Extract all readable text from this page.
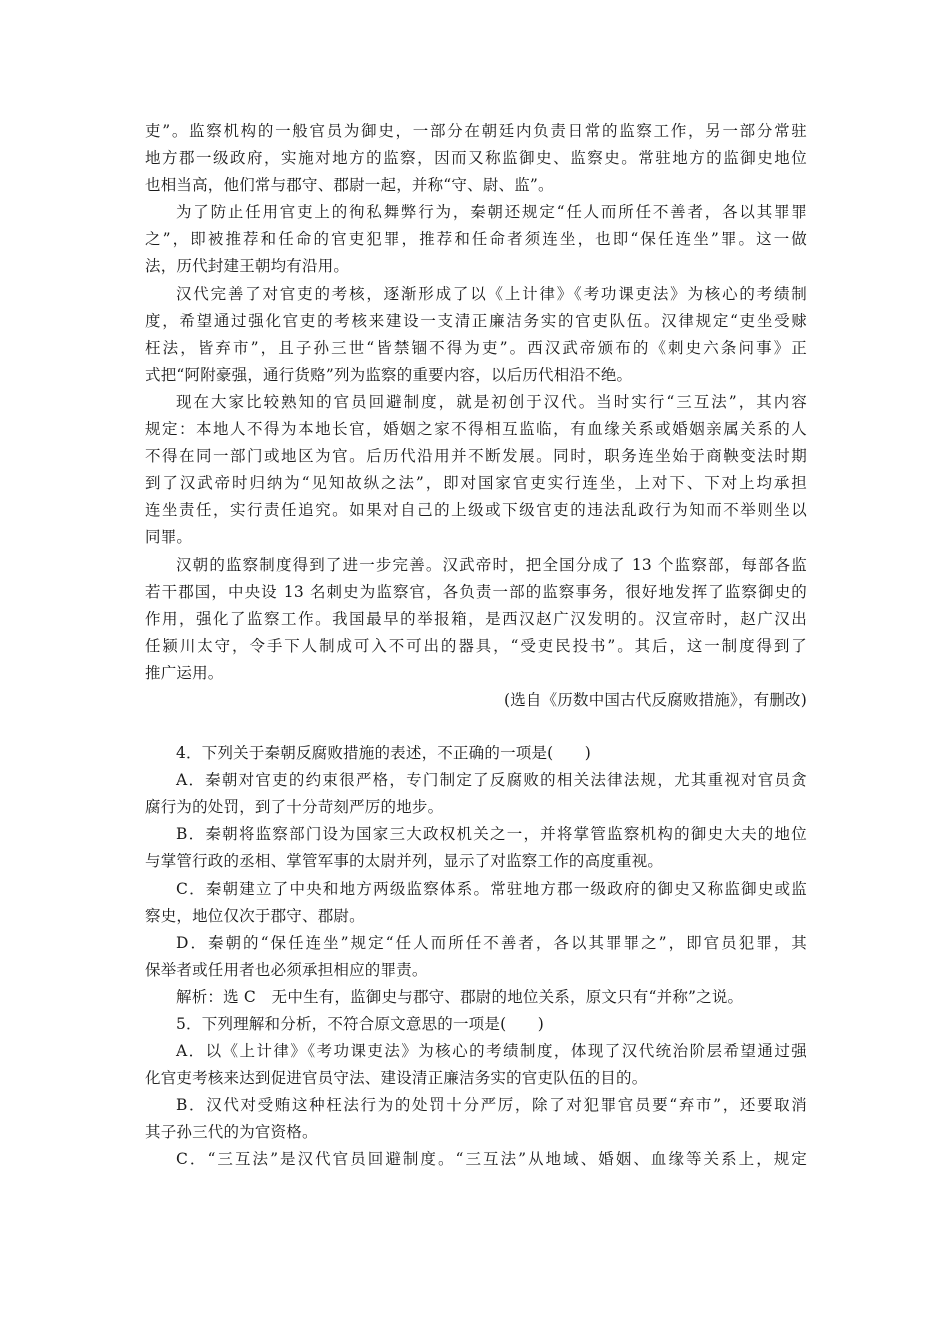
吏”。监察机构的一般官员为御史，一部分在朝廷内负责日常的监察工作，另一部分常驻
地方郡一级政府，实施对地方的监察，因而又称监御史、监察史。常驻地方的监御史地位
也相当高，他们常与郡守、郡尉一起，并称“守、尉、监”。
为了防止任用官吏上的徇私舞弊行为，秦朝还规定“任人而所任不善者，各以其罪罪
之”，即被推荐和任命的官吏犯罪，推荐和任命者须连坐，也即“保任连坐”罪。这一做
法，历代封建王朝均有沿用。
汉代完善了对官吏的考核，逐渐形成了以《上计律》《考功课吏法》为核心的考绩制
度，希望通过强化官吏的考核来建设一支清正廉洁务实的官吏队伍。汉律规定“吏坐受赇
枉法，皆弃市”，且子孙三世“皆禁锢不得为吏”。西汉武帝颁布的《刺史六条问事》正
式把“阿附豪强，通行货赂”列为监察的重要内容，以后历代相沿不绝。
现在大家比较熟知的官员回避制度，就是初创于汉代。当时实行“三互法”，其内容
规定：本地人不得为本地长官，婚姻之家不得相互监临，有血缘关系或婚姻亲属关系的人
不得在同一部门或地区为官。后历代沿用并不断发展。同时，职务连坐始于商鞅变法时期
到了汉武帝时归纳为“见知故纵之法”，即对国家官吏实行连坐，上对下、下对上均承担
连坐责任，实行责任追究。如果对自己的上级或下级官吏的违法乱政行为知而不举则坐以
同罪。
汉朝的监察制度得到了进一步完善。汉武帝时，把全国分成了 13 个监察部，每部各监
若干郡国，中央设 13 名刺史为监察官，各负责一部的监察事务，很好地发挥了监察御史的
作用，强化了监察工作。我国最早的举报箱，是西汉赵广汉发明的。汉宣帝时，赵广汉出
任颍川太守，令手下人制成可入不可出的器具，“受吏民投书”。其后，这一制度得到了
推广运用。
(选自《历数中国古代反腐败措施》，有删改)
4．下列关于秦朝反腐败措施的表述，不正确的一项是(　　)
A．秦朝对官吏的约束很严格，专门制定了反腐败的相关法律法规，尤其重视对官员贪
腐行为的处罚，到了十分苛刻严厉的地步。
B．秦朝将监察部门设为国家三大政权机关之一，并将掌管监察机构的御史大夫的地位
与掌管行政的丞相、掌管军事的太尉并列，显示了对监察工作的高度重视。
C．秦朝建立了中央和地方两级监察体系。常驻地方郡一级政府的御史又称监御史或监
察史，地位仅次于郡守、郡尉。
D．秦朝的“保任连坐”规定“任人而所任不善者，各以其罪罪之”，即官员犯罪，其
保举者或任用者也必须承担相应的罪责。
解析：选 C　无中生有，监御史与郡守、郡尉的地位关系，原文只有“并称”之说。
5．下列理解和分析，不符合原文意思的一项是(　　)
A．以《上计律》《考功课吏法》为核心的考绩制度，体现了汉代统治阶层希望通过强
化官吏考核来达到促进官员守法、建设清正廉洁务实的官吏队伍的目的。
B．汉代对受贿这种枉法行为的处罚十分严厉，除了对犯罪官员要“弃市”，还要取消
其子孙三代的为官资格。
C．“三互法”是汉代官员回避制度。“三互法”从地域、婚姻、血缘等关系上，规定
